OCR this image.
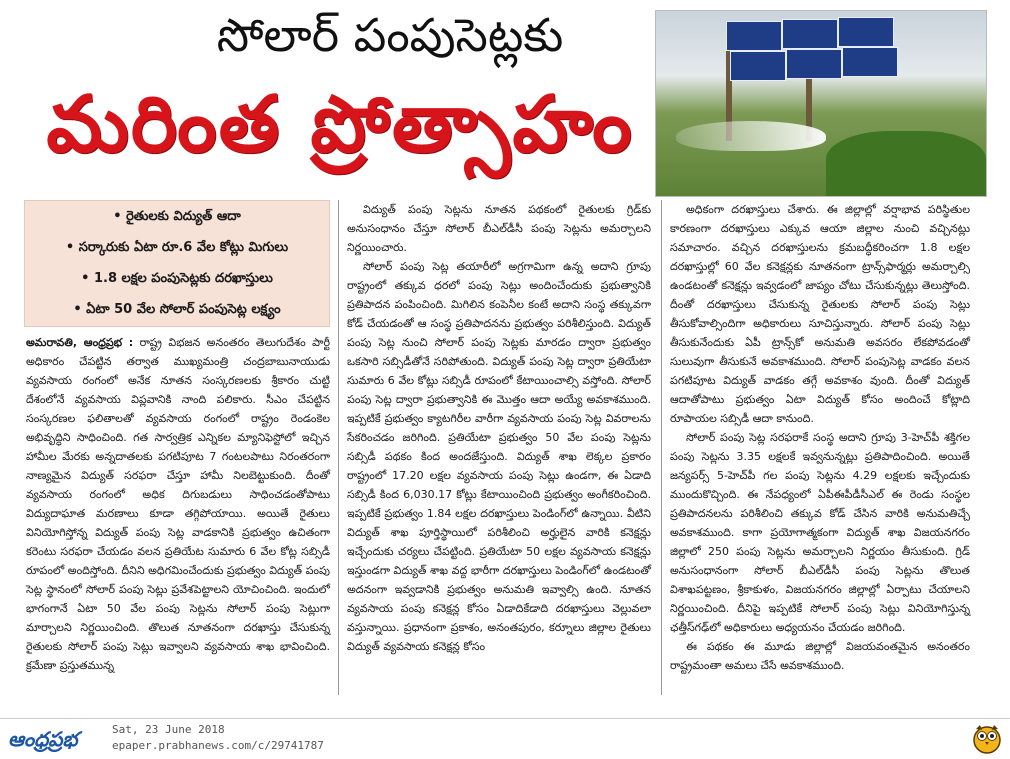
సోలార్ పంపుసెట్లకు
మరింత ప్రోత్సాహం
• రైతులకు విద్యుత్ ఆదా
• సర్కారుకు ఏటా రూ.6 వేల కోట్లు మిగులు
• 1.8 లక్షల పంపుసెట్లకు దరఖాస్తులు
• ఏటా 50 వేల సోలార్ పంపుసెట్ల లక్ష్యం
అమరావతి, ఆంధ్రప్రభ : రాష్ట్ర విభజన అనంతరం తెలుగుదేశం పార్టీ అధికారం చేపట్టిన తర్వాత ముఖ్యమంత్రి చంద్రబాబునాయుడు వ్యవసాయ రంగంలో అనేక నూతన సంస్కరణలకు శ్రీకారం చుట్టి దేశంలోనే వ్యవసాయ విప్లవానికి నాంది పలికారు. సీఎం చేపట్టిన సంస్కరణల ఫలితాలతో వ్యవసాయ రంగంలో రాష్ట్రం రెండంకెల అభివృద్ధిని సాధించింది. గత సార్వత్రిక ఎన్నికల మ్యానిఫెస్టోలో ఇచ్చిన హామీల మేరకు అన్నదాతలకు పగటిపూట 7 గంటలపాటు నిరంతరంగా నాణ్యమైన విద్యుత్ సరఫరా చేస్తూ హామీ నిలబెట్టుకుంది. దీంతో వ్యవసాయ రంగంలో అధిక దిగుబడులు సాధించడంతోపాటు విద్యుదాఘాత మరణాలు కూడా తగ్గిపోయాయి. అయితే రైతులు వినియోగిస్తోన్న విద్యుత్ పంపు సెట్ల వాడకానికి ప్రభుత్వం ఉచితంగా కరెంటు సరఫరా చేయడం వలన ప్రతియేట సుమారు 6 వేల కోట్ల సబ్సిడీ రూపంలో అందిస్తోంది. దీనిని అధిగమించేందుకు ప్రభుత్వం విద్యుత్ పంపు సెట్ల స్థానంలో సోలార్ పంపు సెట్లు ప్రవేశపెట్టాలని యోచించింది. ఇందులో భాగంగానే ఏటా 50 వేల పంపు సెట్లను సోలార్ పంపు సెట్లుగా మార్చాలని నిర్ణయించింది. తొలుత నూతనంగా దరఖాస్తు చేసుకున్న రైతులకు సోలార్ పంపు సెట్లు ఇవ్వాలని వ్యవసాయ శాఖ భావించింది. క్రమేణా ప్రస్తుతమున్న

విద్యుత్ పంపు సెట్లను నూతన పథకంలో రైతులకు గ్రిడ్‌కు అనుసంధానం చేస్తూ సోలార్ బీఎల్‌డీసీ పంపు సెట్లను అమర్చాలని నిర్ణయించారు.

సోలార్ పంపు సెట్ల తయారీలో అగ్రగామిగా ఉన్న అదాని గ్రూపు రాష్ట్రంలో తక్కువ ధరలో పంపు సెట్లు అందించేందుకు ప్రభుత్వానికి ప్రతిపాదన పంపించింది. మిగిలిన కంపెనీల కంటే అదాని సంస్థ తక్కువగా కోడ్ చేయడంతో ఆ సంస్థ ప్రతిపాదనను ప్రభుత్వం పరిశీలిస్తుంది. విద్యుత్ పంపు సెట్ల నుంచి సోలార్ పంపు సెట్లకు మారడం ద్వారా ప్రభుత్వం ఒకసారి సబ్సిడీతోనే సరిపోతుంది. విద్యుత్ పంపు సెట్ల ద్వారా ప్రతియేటా సుమారు 6 వేల కోట్లు సబ్సిడీ రూపంలో కేటాయించాల్సి వస్తోంది. సోలార్ పంపు సెట్ల ద్వారా ప్రభుత్వానికి ఈ మొత్తం ఆదా అయ్యే అవకాశముంది. ఇప్పటికే ప్రభుత్వం క్యాటగిరీల వారీగా వ్యవసాయ పంపు సెట్ల వివరాలను సేకరించడం జరిగింది. ప్రతియేటా ప్రభుత్వం 50 వేల పంపు సెట్లను సబ్సిడీ పథకం కింద అందజేస్తుంది. విద్యుత్ శాఖ లెక్కల ప్రకారం రాష్ట్రంలో 17.20 లక్షల వ్యవసాయ పంపు సెట్లు ఉండగా, ఈ ఏడాది సబ్సిడీ కింద 6,030.17 కోట్లు కేటాయించింది ప్రభుత్వం అంగీకరించింది. ఇప్పటికే ప్రభుత్వం 1.84 లక్షల దరఖాస్తులు పెండింగ్‌లో ఉన్నాయి. వీటిని విద్యుత్ శాఖ పూర్తిస్థాయిలో పరిశీలించి అర్హులైన వారికి కనెక్షన్లు ఇచ్చేందుకు చర్యలు చేపట్టింది. ప్రతియేటా 50 లక్షల వ్యవసాయ కనెక్షన్లు ఇస్తుండగా విద్యుత్ శాఖ వద్ద భారీగా దరఖాస్తులు పెండింగ్‌లో ఉండటంతో అదనంగా ఇవ్వడానికి ప్రభుత్వం అనుమతి ఇవ్వాల్సి ఉంది. నూతన వ్యవసాయ పంపు కనెక్షన్ల కోసం ఏడాదికేడాది దరఖాస్తులు వెల్లువలా వస్తున్నాయి. ప్రధానంగా ప్రకాశం, అనంతపురం, కర్నూలు జిల్లాల రైతులు విద్యుత్ వ్యవసాయ కనెక్షన్ల కోసం

అధికంగా దరఖాస్తులు చేశారు. ఈ జిల్లాల్లో వర్షాభావ పరిస్థితుల కారణంగా దరఖాస్తులు ఎక్కువ ఆయా జిల్లాల నుంచి వచ్చినట్లు సమాచారం. వచ్చిన దరఖాస్తులను క్రమబద్ధీకరించగా 1.8 లక్షల దరఖాస్తుల్లో 60 వేల కనెక్షన్లకు నూతనంగా ట్రాన్స్‌ఫార్మర్లు అమర్చాల్సి ఉండటంతో కనెక్షన్లు ఇవ్వడంలో జాప్యం చోటు చేసుకున్నట్లు తెలుస్తోంది. దీంతో దరఖాస్తులు చేసుకున్న రైతులకు సోలార్ పంపు సెట్లు తీసుకోవాల్సిందిగా అధికారులు సూచిస్తున్నారు. సోలార్ పంపు సెట్లు తీసుకునేందుకు ఏపీ ట్రాన్స్‌కో అనుమతి అవసరం లేకపోవడంతో సులువుగా తీసుకునే అవకాశముంది. సోలార్ పంపుసెట్ల వాడకం వలన పగటిపూట విద్యుత్ వాడకం తగ్గే అవకాశం వుంది. దీంతో విద్యుత్ ఆదాతోపాటు ప్రభుత్వం ఏటా విద్యుత్ కోసం అందించే కోట్లాది రూపాయల సబ్సిడీ ఆదా కానుంది.

సోలార్ పంపు సెట్ల సరఫరాకే సంస్థ అదాని గ్రూపు 3-హెచ్‌పీ శక్తిగల పంపు సెట్లను 3.35 లక్షలకే ఇవ్వనున్నట్లు ప్రతిపాదించింది. అయితే జన్యపర్స్ 5-హెచ్‌పీ గల పంపు సెట్లను 4.29 లక్షలకు ఇచ్చేందుకు ముందుకొచ్చింది. ఈ నేపధ్యంలో ఏపీఈపీడీసీఎల్ ఈ రెండు సంస్థల ప్రతిపాదనలను పరిశీలించి తక్కువ కోడ్ చేసిన వారికి అనుమతిచ్చే అవకాశముంది. కాగా ప్రయోగాత్మకంగా విద్యుత్ శాఖ విజయనగరం జిల్లాలో 250 పంపు సెట్లను అమర్చాలని నిర్ణయం తీసుకుంది. గ్రిడ్ అనుసంధానంగా సోలార్ బీఎల్‌డీసీ పంపు సెట్లను తొలుత విశాఖపట్టణం, శ్రీకాకుళం, విజయనగరం జిల్లాల్లో ఏర్పాటు చేయాలని నిర్ణయించింది. దీనిపై ఇప్పటికే సోలార్ పంపు సెట్లు వినియోగిస్తున్న ఛత్తీస్‌గఢ్‌లో అధికారులు అధ్యయనం చేయడం జరిగింది.

ఈ పథకం ఈ మూడు జిల్లాల్లో విజయవంతమైన అనంతరం రాష్ట్రమంతా అమలు చేసే అవకాశముంది.

ఆంధ్రప్రభ	Sat, 23 June 2018
epaper.prabhanews.com/c/29741787
